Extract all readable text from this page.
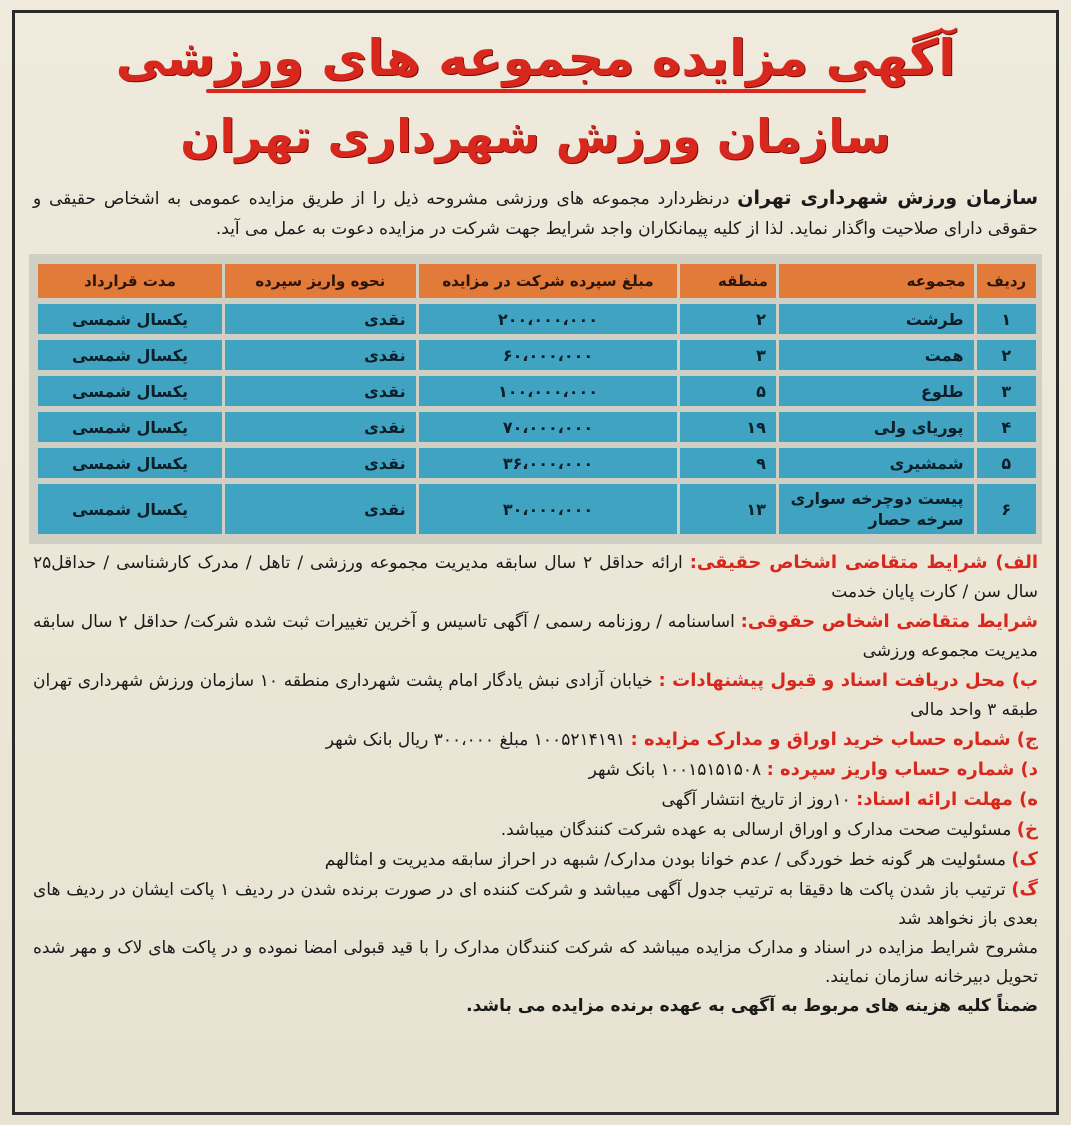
آگهی مزایده مجموعه های ورزشی
سازمان ورزش شهرداری تهران
سازمان ورزش شهرداری تهران درنظردارد مجموعه های ورزشی مشروحه ذیل را از طریق مزایده عمومی به اشخاص حقیقی و حقوقی دارای صلاحیت واگذار نماید. لذا از کلیه پیمانکاران واجد شرایط جهت شرکت در مزایده دعوت به عمل می آید.
ردیف	مجموعه	منطقه	مبلغ سپرده شرکت در مزایده	نحوه واریز سپرده	مدت قرارداد
۱	طرشت	۲	۲۰۰،۰۰۰،۰۰۰	نقدی	یکسال شمسی
۲	همت	۳	۶۰،۰۰۰،۰۰۰	نقدی	یکسال شمسی
۳	طلوع	۵	۱۰۰،۰۰۰،۰۰۰	نقدی	یکسال شمسی
۴	پوریای ولی	۱۹	۷۰،۰۰۰،۰۰۰	نقدی	یکسال شمسی
۵	شمشیری	۹	۳۶،۰۰۰،۰۰۰	نقدی	یکسال شمسی
۶	پیست دوچرخه سواری سرخه حصار	۱۳	۳۰،۰۰۰،۰۰۰	نقدی	یکسال شمسی

الف) شرایط متقاضی اشخاص حقیقی: ارائه حداقل ۲ سال سابقه مدیریت مجموعه ورزشی / تاهل / مدرک کارشناسی / حداقل۲۵ سال سن / کارت پایان خدمت

شرایط متقاضی اشخاص حقوقی: اساسنامه / روزنامه رسمی / آگهی تاسیس و آخرین تغییرات ثبت شده شرکت/ حداقل ۲ سال سابقه مدیریت مجموعه ورزشی

ب) محل دریافت اسناد و قبول پیشنهادات : خیابان آزادی نبش یادگار امام پشت شهرداری منطقه ۱۰ سازمان ورزش شهرداری تهران طبقه ۳ واحد مالی

ج) شماره حساب خرید اوراق و مدارک مزایده : ۱۰۰۵۲۱۴۱۹۱ مبلغ ۳۰۰،۰۰۰ ریال بانک شهر

د) شماره حساب واریز سپرده : ۱۰۰۱۵۱۵۱۵۰۸ بانک شهر

ه) مهلت ارائه اسناد: ۱۰روز از تاریخ انتشار آگهی

خ) مسئولیت صحت مدارک و اوراق ارسالی به عهده شرکت کنندگان میباشد.

ک) مسئولیت هر گونه خط خوردگی / عدم خوانا بودن مدارک/ شبهه در احراز سابقه مدیریت و امثالهم

گ) ترتیب باز شدن پاکت ها دقیقا به ترتیب جدول آگهی میباشد و شرکت کننده ای در صورت برنده شدن در ردیف ۱ پاکت ایشان در ردیف های بعدی باز نخواهد شد

مشروح شرایط مزایده در اسناد و مدارک مزایده میباشد که شرکت کنندگان مدارک را با قید قبولی امضا نموده و در پاکت های لاک و مهر شده تحویل دبیرخانه سازمان نمایند.

ضمناً کلیه هزینه های مربوط به آگهی به عهده برنده مزایده می باشد.
